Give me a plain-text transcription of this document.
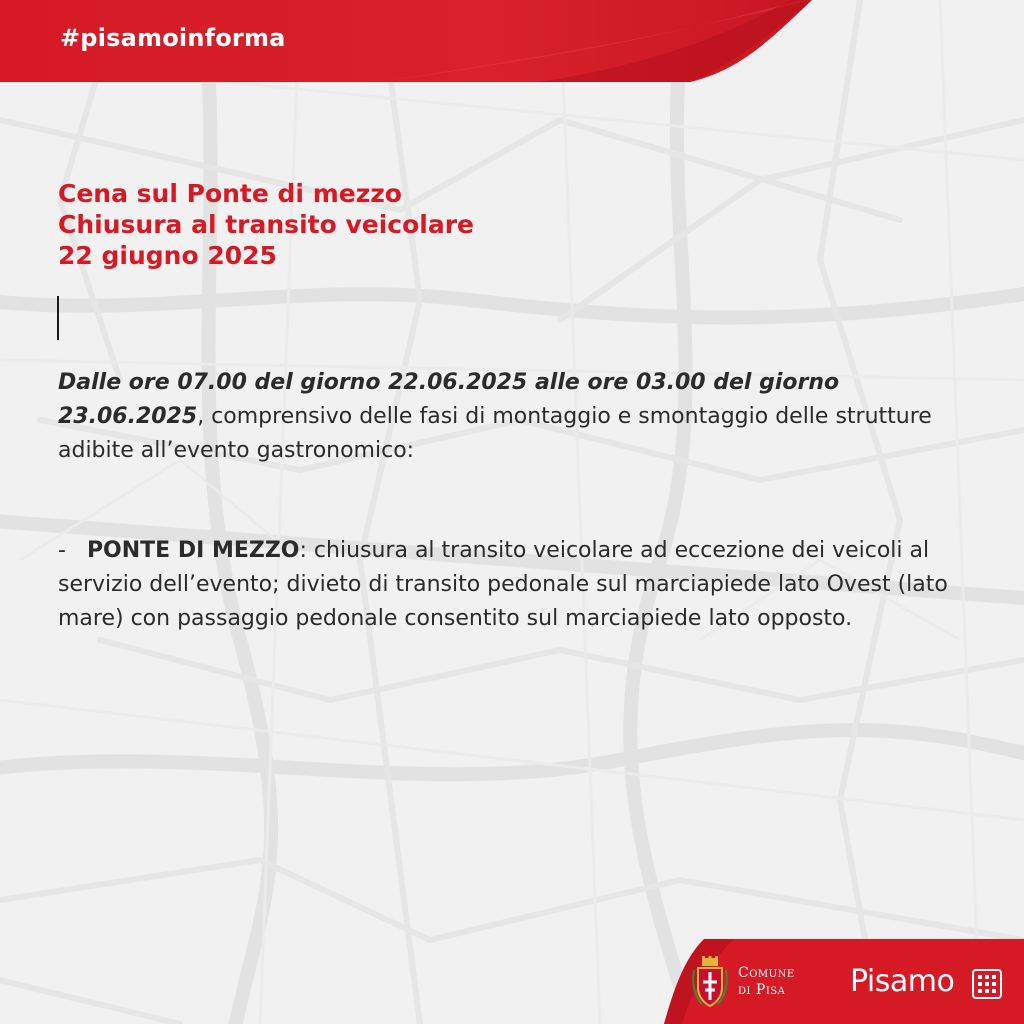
#pisamoinforma
Cena sul Ponte di mezzo
Chiusura al transito veicolare
22 giugno 2025
Dalle ore 07.00 del giorno 22.06.2025 alle ore 03.00 del giorno 23.06.2025, comprensivo delle fasi di montaggio e smontaggio delle strutture adibite all’evento gastronomico:
- PONTE DI MEZZO: chiusura al transito veicolare ad eccezione dei veicoli al servizio dell’evento; divieto di transito pedonale sul marciapiede lato Ovest (lato mare) con passaggio pedonale consentito sul marciapiede lato opposto.
Comune
di Pisa	Pisamo
